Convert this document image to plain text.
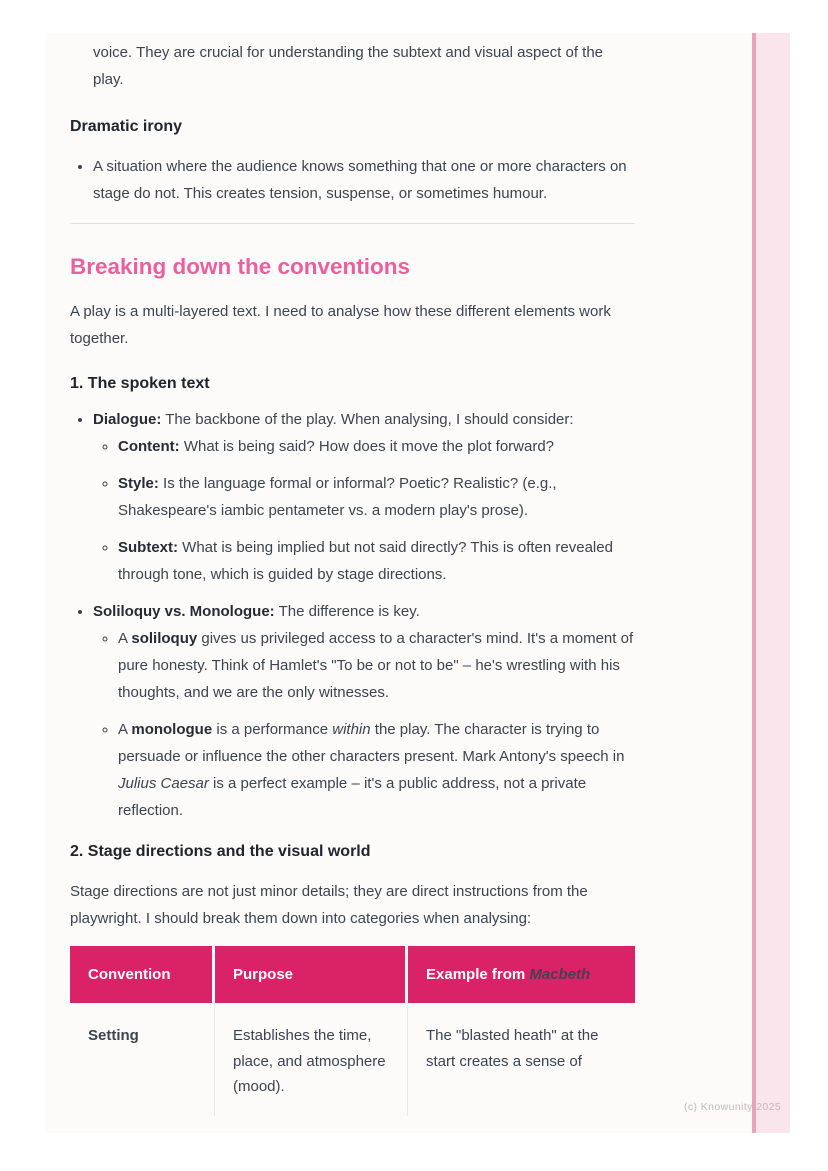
voice. They are crucial for understanding the subtext and visual aspect of the play.

Dramatic irony
• A situation where the audience knows something that one or more characters on stage do not. This creates tension, suspense, or sometimes humour.
Breaking down the conventions

A play is a multi-layered text. I need to analyse how these different elements work together.

1. The spoken text
• Dialogue: The backbone of the play. When analysing, I should consider:
◦ Content: What is being said? How does it move the plot forward?
◦ Style: Is the language formal or informal? Poetic? Realistic? (e.g., Shakespeare's iambic pentameter vs. a modern play's prose).
◦ Subtext: What is being implied but not said directly? This is often revealed through tone, which is guided by stage directions.
• Soliloquy vs. Monologue: The difference is key.
◦ A soliloquy gives us privileged access to a character's mind. It's a moment of pure honesty. Think of Hamlet's "To be or not to be" – he's wrestling with his thoughts, and we are the only witnesses.
◦ A monologue is a performance within the play. The character is trying to persuade or influence the other characters present. Mark Antony's speech in Julius Caesar is a perfect example – it's a public address, not a private reflection.
2. Stage directions and the visual world

Stage directions are not just minor details; they are direct instructions from the playwright. I should break them down into categories when analysing:

Convention	Purpose	Example from Macbeth
Setting	Establishes the time, place, and atmosphere (mood).	The "blasted heath" at the start creates a sense of
(c) Knowunity 2025
